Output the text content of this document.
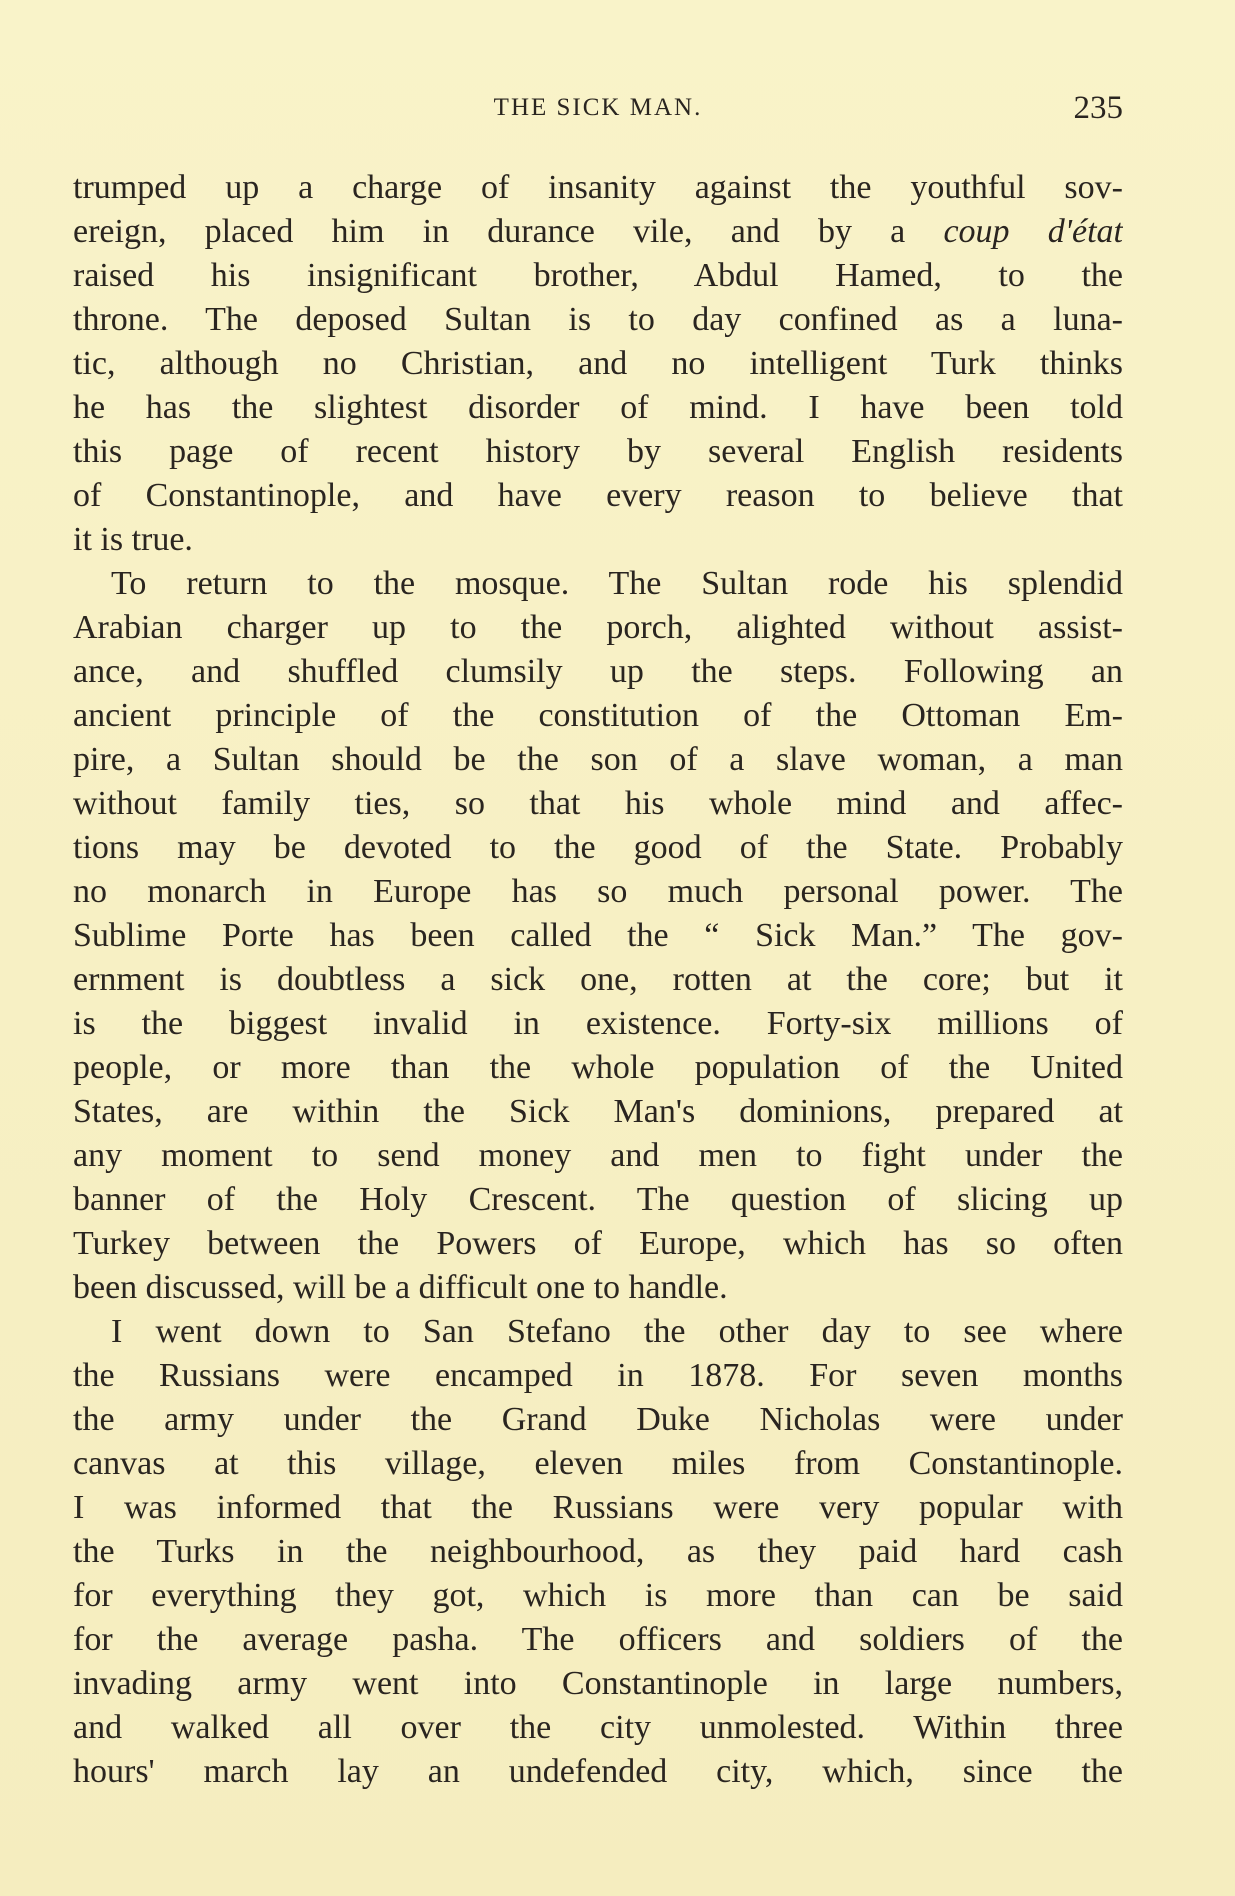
THE SICK MAN.	235
trumped up a charge of insanity against the youthful sov-
ereign, placed him in durance vile, and by a coup d'état
raised his insignificant brother, Abdul Hamed, to the
throne. The deposed Sultan is to day confined as a luna-
tic, although no Christian, and no intelligent Turk thinks
he has the slightest disorder of mind. I have been told
this page of recent history by several English residents
of Constantinople, and have every reason to believe that
it is true.
To return to the mosque. The Sultan rode his splendid
Arabian charger up to the porch, alighted without assist-
ance, and shuffled clumsily up the steps. Following an
ancient principle of the constitution of the Ottoman Em-
pire, a Sultan should be the son of a slave woman, a man
without family ties, so that his whole mind and affec-
tions may be devoted to the good of the State. Probably
no monarch in Europe has so much personal power. The
Sublime Porte has been called the “ Sick Man.” The gov-
ernment is doubtless a sick one, rotten at the core; but it
is the biggest invalid in existence. Forty-six millions of
people, or more than the whole population of the United
States, are within the Sick Man's dominions, prepared at
any moment to send money and men to fight under the
banner of the Holy Crescent. The question of slicing up
Turkey between the Powers of Europe, which has so often
been discussed, will be a difficult one to handle.
I went down to San Stefano the other day to see where
the Russians were encamped in 1878. For seven months
the army under the Grand Duke Nicholas were under
canvas at this village, eleven miles from Constantinople.
I was informed that the Russians were very popular with
the Turks in the neighbourhood, as they paid hard cash
for everything they got, which is more than can be said
for the average pasha. The officers and soldiers of the
invading army went into Constantinople in large numbers,
and walked all over the city unmolested. Within three
hours' march lay an undefended city, which, since the
